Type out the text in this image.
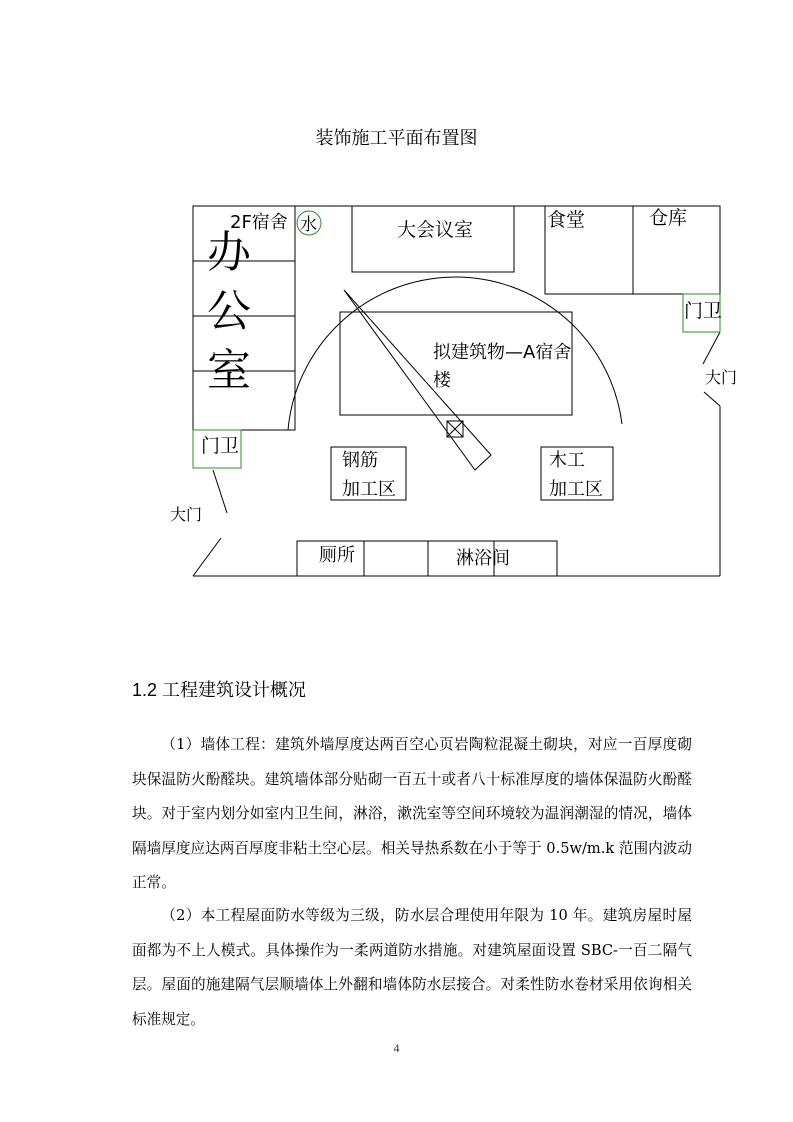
装饰施工平面布置图
办
公
室
2F宿舍 水	大会议室	食堂	仓库
门卫
大门
门卫
大门
拟建筑物—A宿舍
楼
钢筋
加工区
木工
加工区
厕所	淋浴间
1.2 工程建筑设计概况
（1）墙体工程：建筑外墙厚度达两百空心页岩陶粒混凝土砌块，对应一百厚度砌块保温防火酚醛块。建筑墙体部分贴砌一百五十或者八十标准厚度的墙体保温防火酚醛块。对于室内划分如室内卫生间，淋浴，漱洗室等空间环境较为温润潮湿的情况，墙体隔墙厚度应达两百厚度非粘土空心层。相关导热系数在小于等于 0.5w/m.k 范围内波动正常。
（2）本工程屋面防水等级为三级，防水层合理使用年限为 10 年。建筑房屋时屋面都为不上人模式。具体操作为一柔两道防水措施。对建筑屋面设置 SBC-一百二隔气层。屋面的施建隔气层顺墙体上外翻和墙体防水层接合。对柔性防水卷材采用依询相关标准规定。
4
